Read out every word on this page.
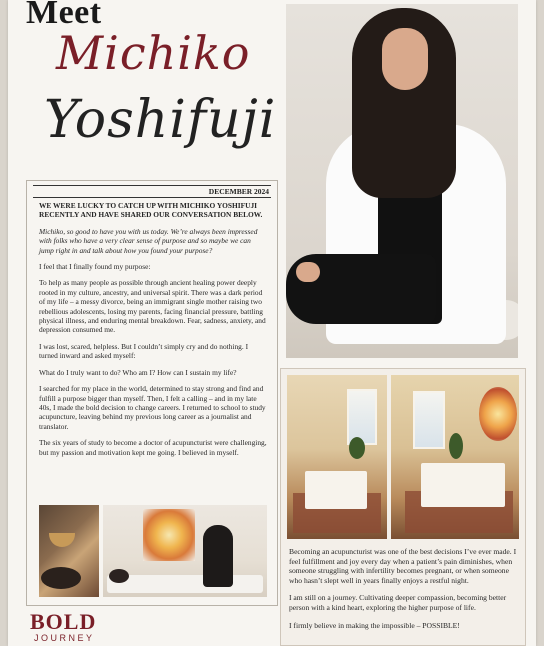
Meet
Michiko
Yoshifuji
DECEMBER 2024

WE WERE LUCKY TO CATCH UP WITH MICHIKO YOSHIFUJI RECENTLY AND HAVE SHARED OUR CONVERSATION BELOW.

Michiko, so good to have you with us today. We’re always been impressed with folks who have a very clear sense of purpose and so maybe we can jump right in and talk about how you found your purpose?

I feel that I finally found my purpose:

To help as many people as possible through ancient healing power deeply rooted in my culture, ancestry, and universal spirit. There was a dark period of my life – a messy divorce, being an immigrant single mother raising two rebellious adolescents, losing my parents, facing financial pressure, battling physical illness, and enduring mental breakdown. Fear, sadness, anxiety, and depression consumed me.

I was lost, scared, helpless. But I couldn’t simply cry and do nothing. I turned inward and asked myself:

What do I truly want to do? Who am I? How can I sustain my life?

I searched for my place in the world, determined to stay strong and find and fulfill a purpose bigger than myself. Then, I felt a calling – and in my late 40s, I made the bold decision to change careers. I returned to school to study acupuncture, leaving behind my previous long career as a journalist and translator.

The six years of study to become a doctor of acupuncturist were challenging, but my passion and motivation kept me going. I believed in myself.

BOLD
JOURNEY

Becoming an acupuncturist was one of the best decisions I’ve ever made. I feel fulfillment and joy every day when a patient’s pain diminishes, when someone struggling with infertility becomes pregnant, or when someone who hasn’t slept well in years finally enjoys a restful night.

I am still on a journey. Cultivating deeper compassion, becoming better person with a kind heart, exploring the higher purpose of life.

I firmly believe in making the impossible – POSSIBLE!
